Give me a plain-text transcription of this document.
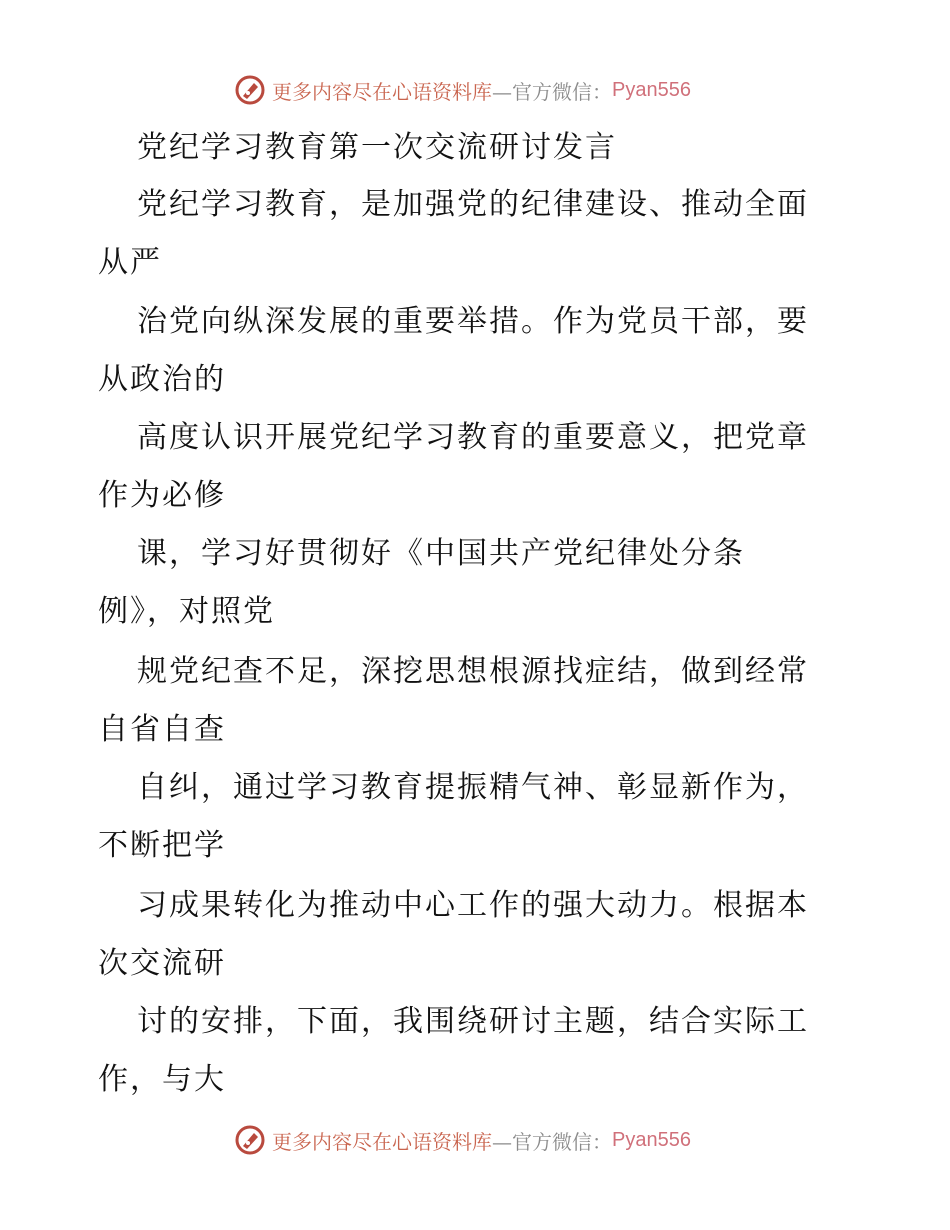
更多内容尽在心语资料库 —官方微信： Pyan556
党纪学习教育第一次交流研讨发言
党纪学习教育，是加强党的纪律建设、推动全面
从严
治党向纵深发展的重要举措。作为党员干部，要
从政治的
高度认识开展党纪学习教育的重要意义，把党章
作为必修
课，学习好贯彻好《中国共产党纪律处分条
例》，对照党
规党纪查不足，深挖思想根源找症结，做到经常
自省自查
自纠，通过学习教育提振精气神、彰显新作为，
不断把学
习成果转化为推动中心工作的强大动力。根据本
次交流研
讨的安排，下面，我围绕研讨主题，结合实际工
作，与大
更多内容尽在心语资料库 —官方微信： Pyan556
